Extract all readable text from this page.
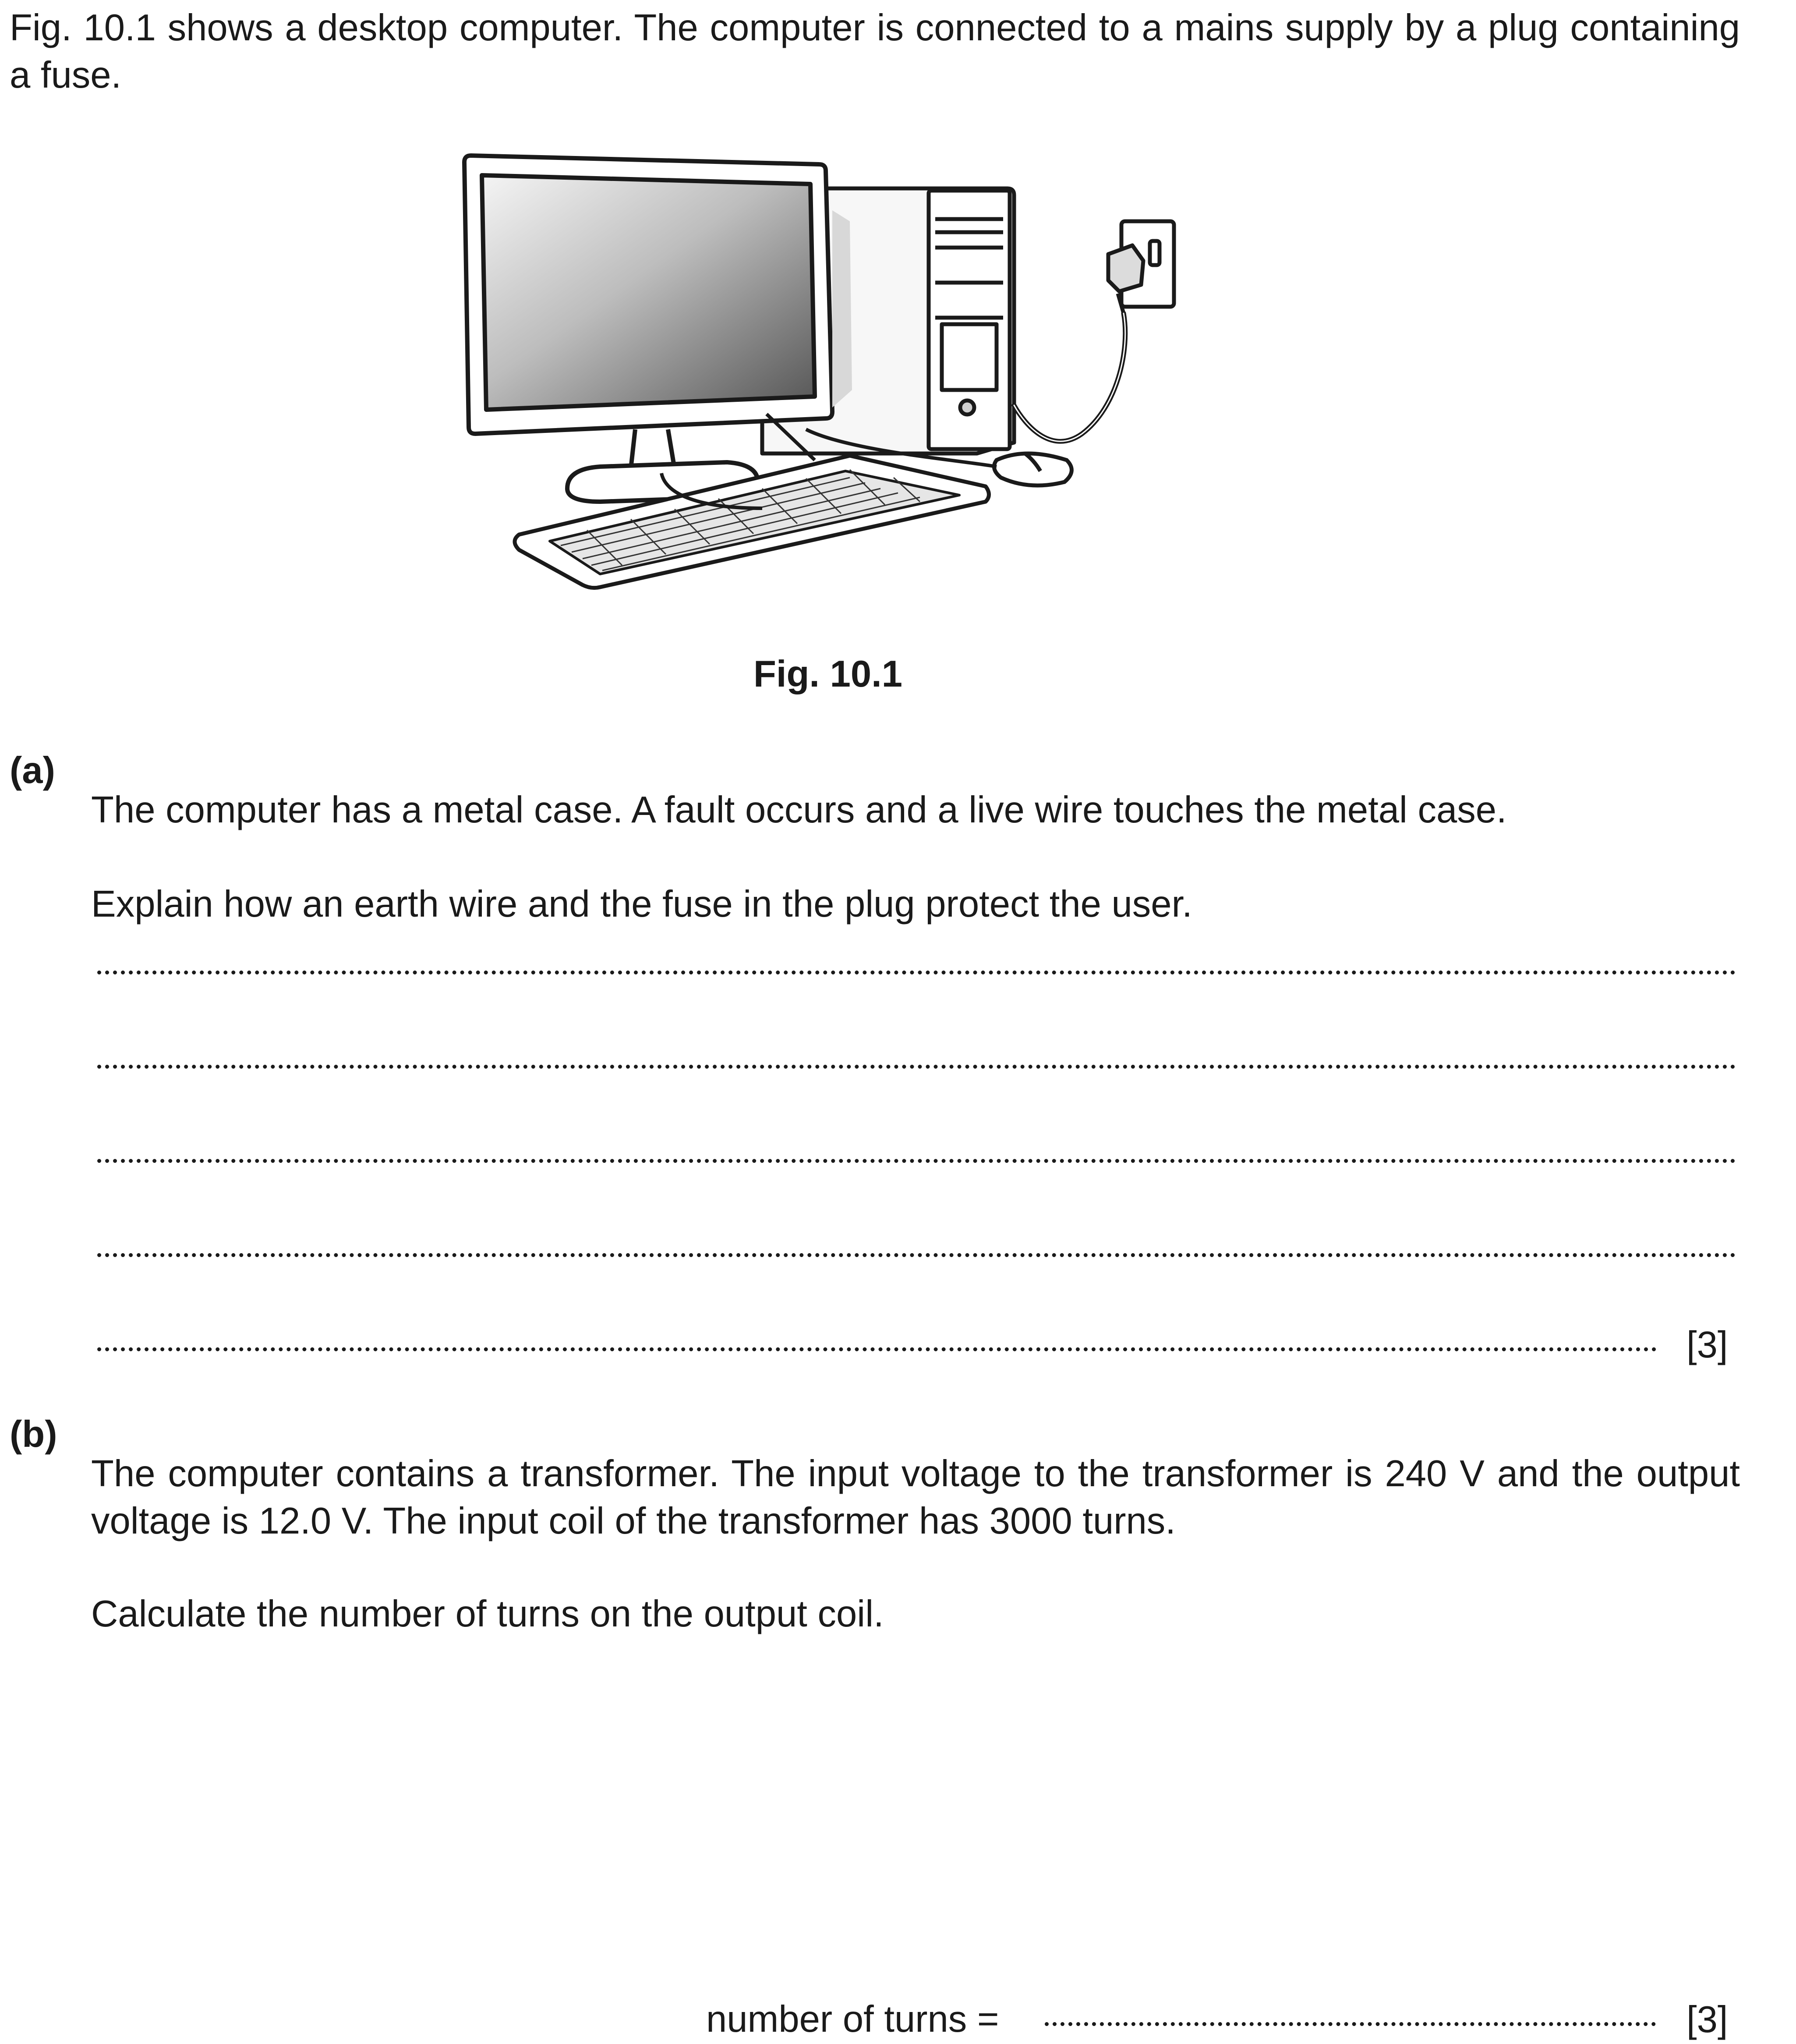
Fig. 10.1 shows a desktop computer. The computer is connected to a mains supply by a plug containing a fuse.

Fig. 10.1
(a)

The computer has a metal case. A fault occurs and a live wire touches the metal case.

Explain how an earth wire and the fuse in the plug protect the user.

[3]
(b)

The computer contains a transformer. The input voltage to the transformer is 240 V and the output voltage is 12.0 V. The input coil of the transformer has 3000 turns.

Calculate the number of turns on the output coil.

number of turns =	[3]
